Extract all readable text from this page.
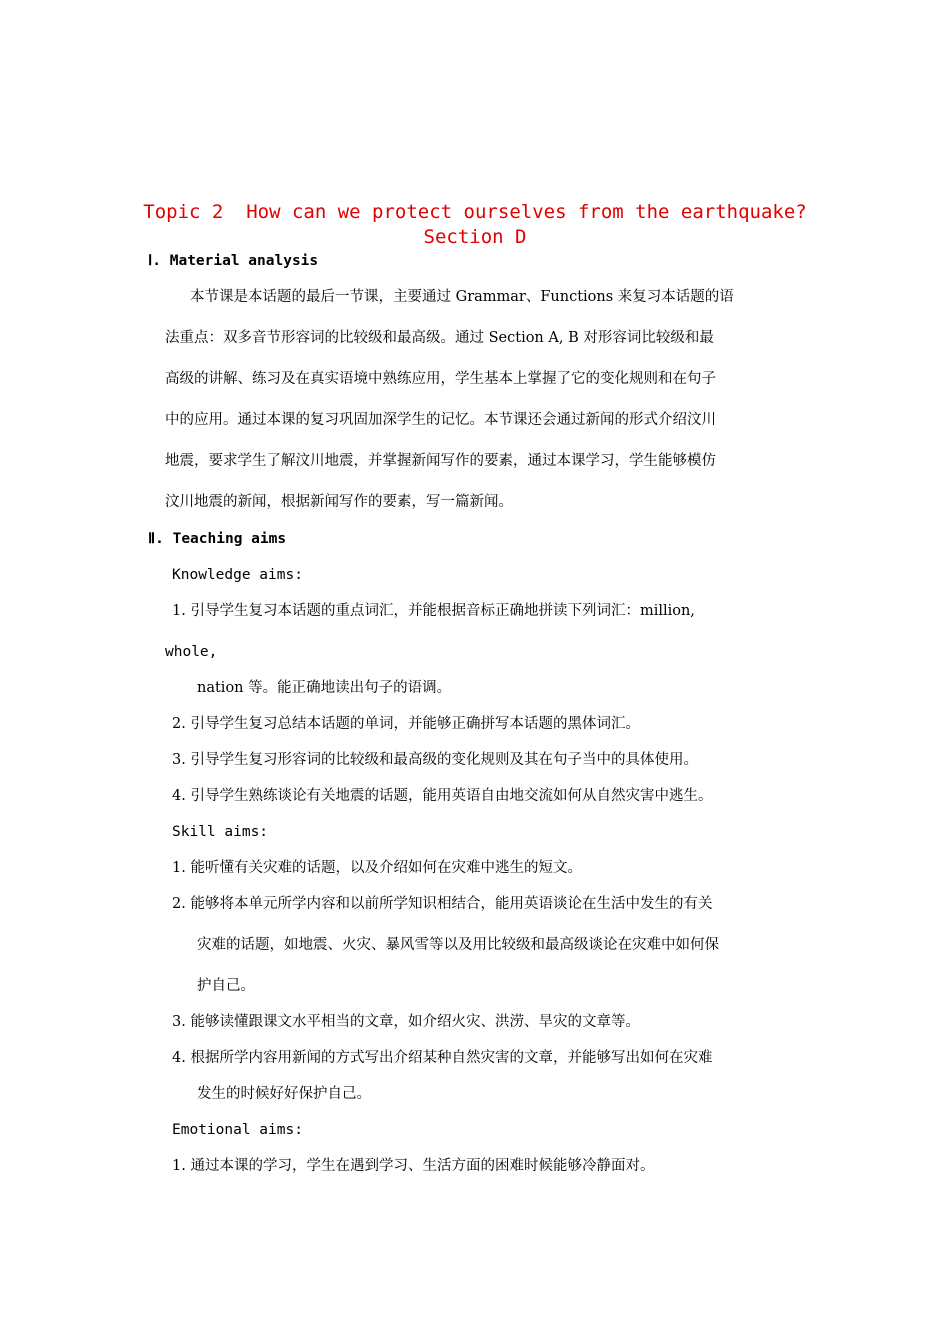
Topic 2  How can we protect ourselves from the earthquake?
Section D
Ⅰ. Material analysis
本节课是本话题的最后一节课，主要通过 Grammar、Functions 来复习本话题的语
法重点：双多音节形容词的比较级和最高级。通过 Section A, B 对形容词比较级和最
高级的讲解、练习及在真实语境中熟练应用，学生基本上掌握了它的变化规则和在句子
中的应用。通过本课的复习巩固加深学生的记忆。本节课还会通过新闻的形式介绍汶川
地震，要求学生了解汶川地震，并掌握新闻写作的要素，通过本课学习，学生能够模仿
汶川地震的新闻，根据新闻写作的要素，写一篇新闻。
Ⅱ. Teaching aims
Knowledge aims:
1. 引导学生复习本话题的重点词汇，并能根据音标正确地拼读下列词汇：million,
whole,
nation 等。能正确地读出句子的语调。
2. 引导学生复习总结本话题的单词，并能够正确拼写本话题的黑体词汇。
3. 引导学生复习形容词的比较级和最高级的变化规则及其在句子当中的具体使用。
4. 引导学生熟练谈论有关地震的话题，能用英语自由地交流如何从自然灾害中逃生。
Skill aims:
1. 能听懂有关灾难的话题，以及介绍如何在灾难中逃生的短文。
2. 能够将本单元所学内容和以前所学知识相结合，能用英语谈论在生活中发生的有关
灾难的话题，如地震、火灾、暴风雪等以及用比较级和最高级谈论在灾难中如何保
护自己。
3. 能够读懂跟课文水平相当的文章，如介绍火灾、洪涝、旱灾的文章等。
4. 根据所学内容用新闻的方式写出介绍某种自然灾害的文章，并能够写出如何在灾难
发生的时候好好保护自己。
Emotional aims:
1. 通过本课的学习，学生在遇到学习、生活方面的困难时候能够冷静面对。
